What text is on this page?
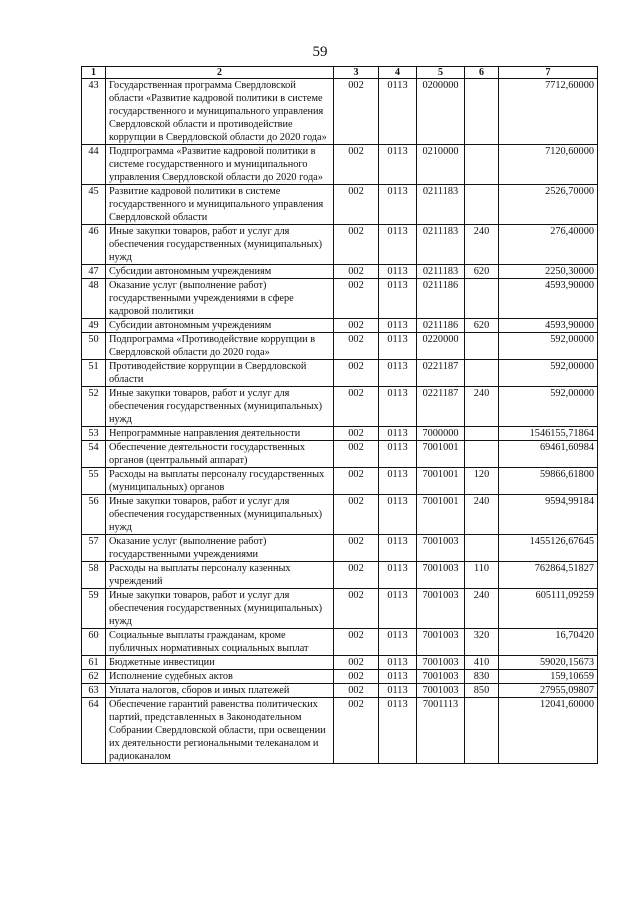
59
1	2	3	4	5	6	7
43	Государственная программа Свердловской области «Развитие кадровой политики в системе государственного и муниципального управления Свердловской области и противодействие коррупции в Свердловской области до 2020 года»	002	0113	0200000		7712,60000
44	Подпрограмма «Развитие кадровой политики в системе государственного и муниципального управления Свердловской области до 2020 года»	002	0113	0210000		7120,60000
45	Развитие кадровой политики в системе государственного и муниципального управления Свердловской области	002	0113	0211183		2526,70000
46	Иные закупки товаров, работ и услуг для обеспечения государственных (муниципальных) нужд	002	0113	0211183	240	276,40000
47	Субсидии автономным учреждениям	002	0113	0211183	620	2250,30000
48	Оказание услуг (выполнение работ) государственными учреждениями в сфере кадровой политики	002	0113	0211186		4593,90000
49	Субсидии автономным учреждениям	002	0113	0211186	620	4593,90000
50	Подпрограмма «Противодействие коррупции в Свердловской области до 2020 года»	002	0113	0220000		592,00000
51	Противодействие коррупции в Свердловской области	002	0113	0221187		592,00000
52	Иные закупки товаров, работ и услуг для обеспечения государственных (муниципальных) нужд	002	0113	0221187	240	592,00000
53	Непрограммные направления деятельности	002	0113	7000000		1546155,71864
54	Обеспечение деятельности государственных органов (центральный аппарат)	002	0113	7001001		69461,60984
55	Расходы на выплаты персоналу государственных (муниципальных) органов	002	0113	7001001	120	59866,61800
56	Иные закупки товаров, работ и услуг для обеспечения государственных (муниципальных) нужд	002	0113	7001001	240	9594,99184
57	Оказание услуг (выполнение работ) государственными учреждениями	002	0113	7001003		1455126,67645
58	Расходы на выплаты персоналу казенных учреждений	002	0113	7001003	110	762864,51827
59	Иные закупки товаров, работ и услуг для обеспечения государственных (муниципальных) нужд	002	0113	7001003	240	605111,09259
60	Социальные выплаты гражданам, кроме публичных нормативных социальных выплат	002	0113	7001003	320	16,70420
61	Бюджетные инвестиции	002	0113	7001003	410	59020,15673
62	Исполнение судебных актов	002	0113	7001003	830	159,10659
63	Уплата налогов, сборов и иных платежей	002	0113	7001003	850	27955,09807
64	Обеспечение гарантий равенства политических партий, представленных в Законодательном Собрании Свердловской области, при освещении их деятельности региональными телеканалом и радиоканалом	002	0113	7001113		12041,60000
